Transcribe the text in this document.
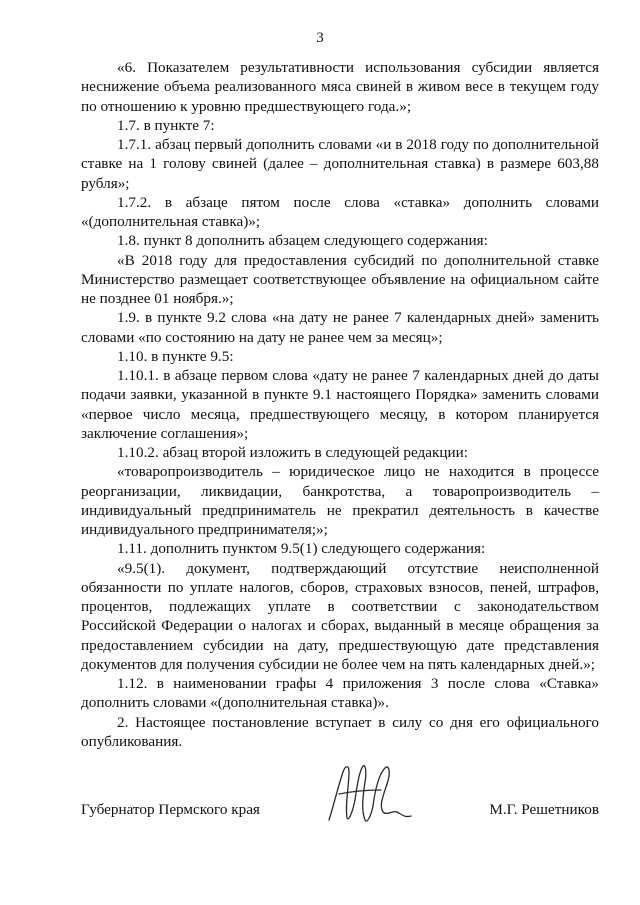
3

«6. Показателем результативности использования субсидии является неснижение объема реализованного мяса свиней в живом весе в текущем году по отношению к уровню предшествующего года.»;

1.7. в пункте 7:

1.7.1. абзац первый дополнить словами «и в 2018 году по дополнительной ставке на 1 голову свиней (далее – дополнительная ставка) в размере 603,88 рубля»;

1.7.2. в абзаце пятом после слова «ставка» дополнить словами «(дополнительная ставка)»;

1.8. пункт 8 дополнить абзацем следующего содержания:

«В 2018 году для предоставления субсидий по дополнительной ставке Министерство размещает соответствующее объявление на официальном сайте не позднее 01 ноября.»;

1.9. в пункте 9.2 слова «на дату не ранее 7 календарных дней» заменить словами «по состоянию на дату не ранее чем за месяц»;

1.10. в пункте 9.5:

1.10.1. в абзаце первом слова «дату не ранее 7 календарных дней до даты подачи заявки, указанной в пункте 9.1 настоящего Порядка» заменить словами «первое число месяца, предшествующего месяцу, в котором планируется заключение соглашения»;

1.10.2. абзац второй изложить в следующей редакции:

«товаропроизводитель – юридическое лицо не находится в процессе реорганизации, ликвидации, банкротства, а товаропроизводитель – индивидуальный предприниматель не прекратил деятельность в качестве индивидуального предпринимателя;»;

1.11. дополнить пунктом 9.5(1) следующего содержания:

«9.5(1). документ, подтверждающий отсутствие неисполненной обязанности по уплате налогов, сборов, страховых взносов, пеней, штрафов, процентов, подлежащих уплате в соответствии с законодательством Российской Федерации о налогах и сборах, выданный в месяце обращения за предоставлением субсидии на дату, предшествующую дате представления документов для получения субсидии не более чем на пять календарных дней.»;

1.12. в наименовании графы 4 приложения 3 после слова «Ставка» дополнить словами «(дополнительная ставка)».

2. Настоящее постановление вступает в силу со дня его официального опубликования.

Губернатор Пермского края	М.Г. Решетников
